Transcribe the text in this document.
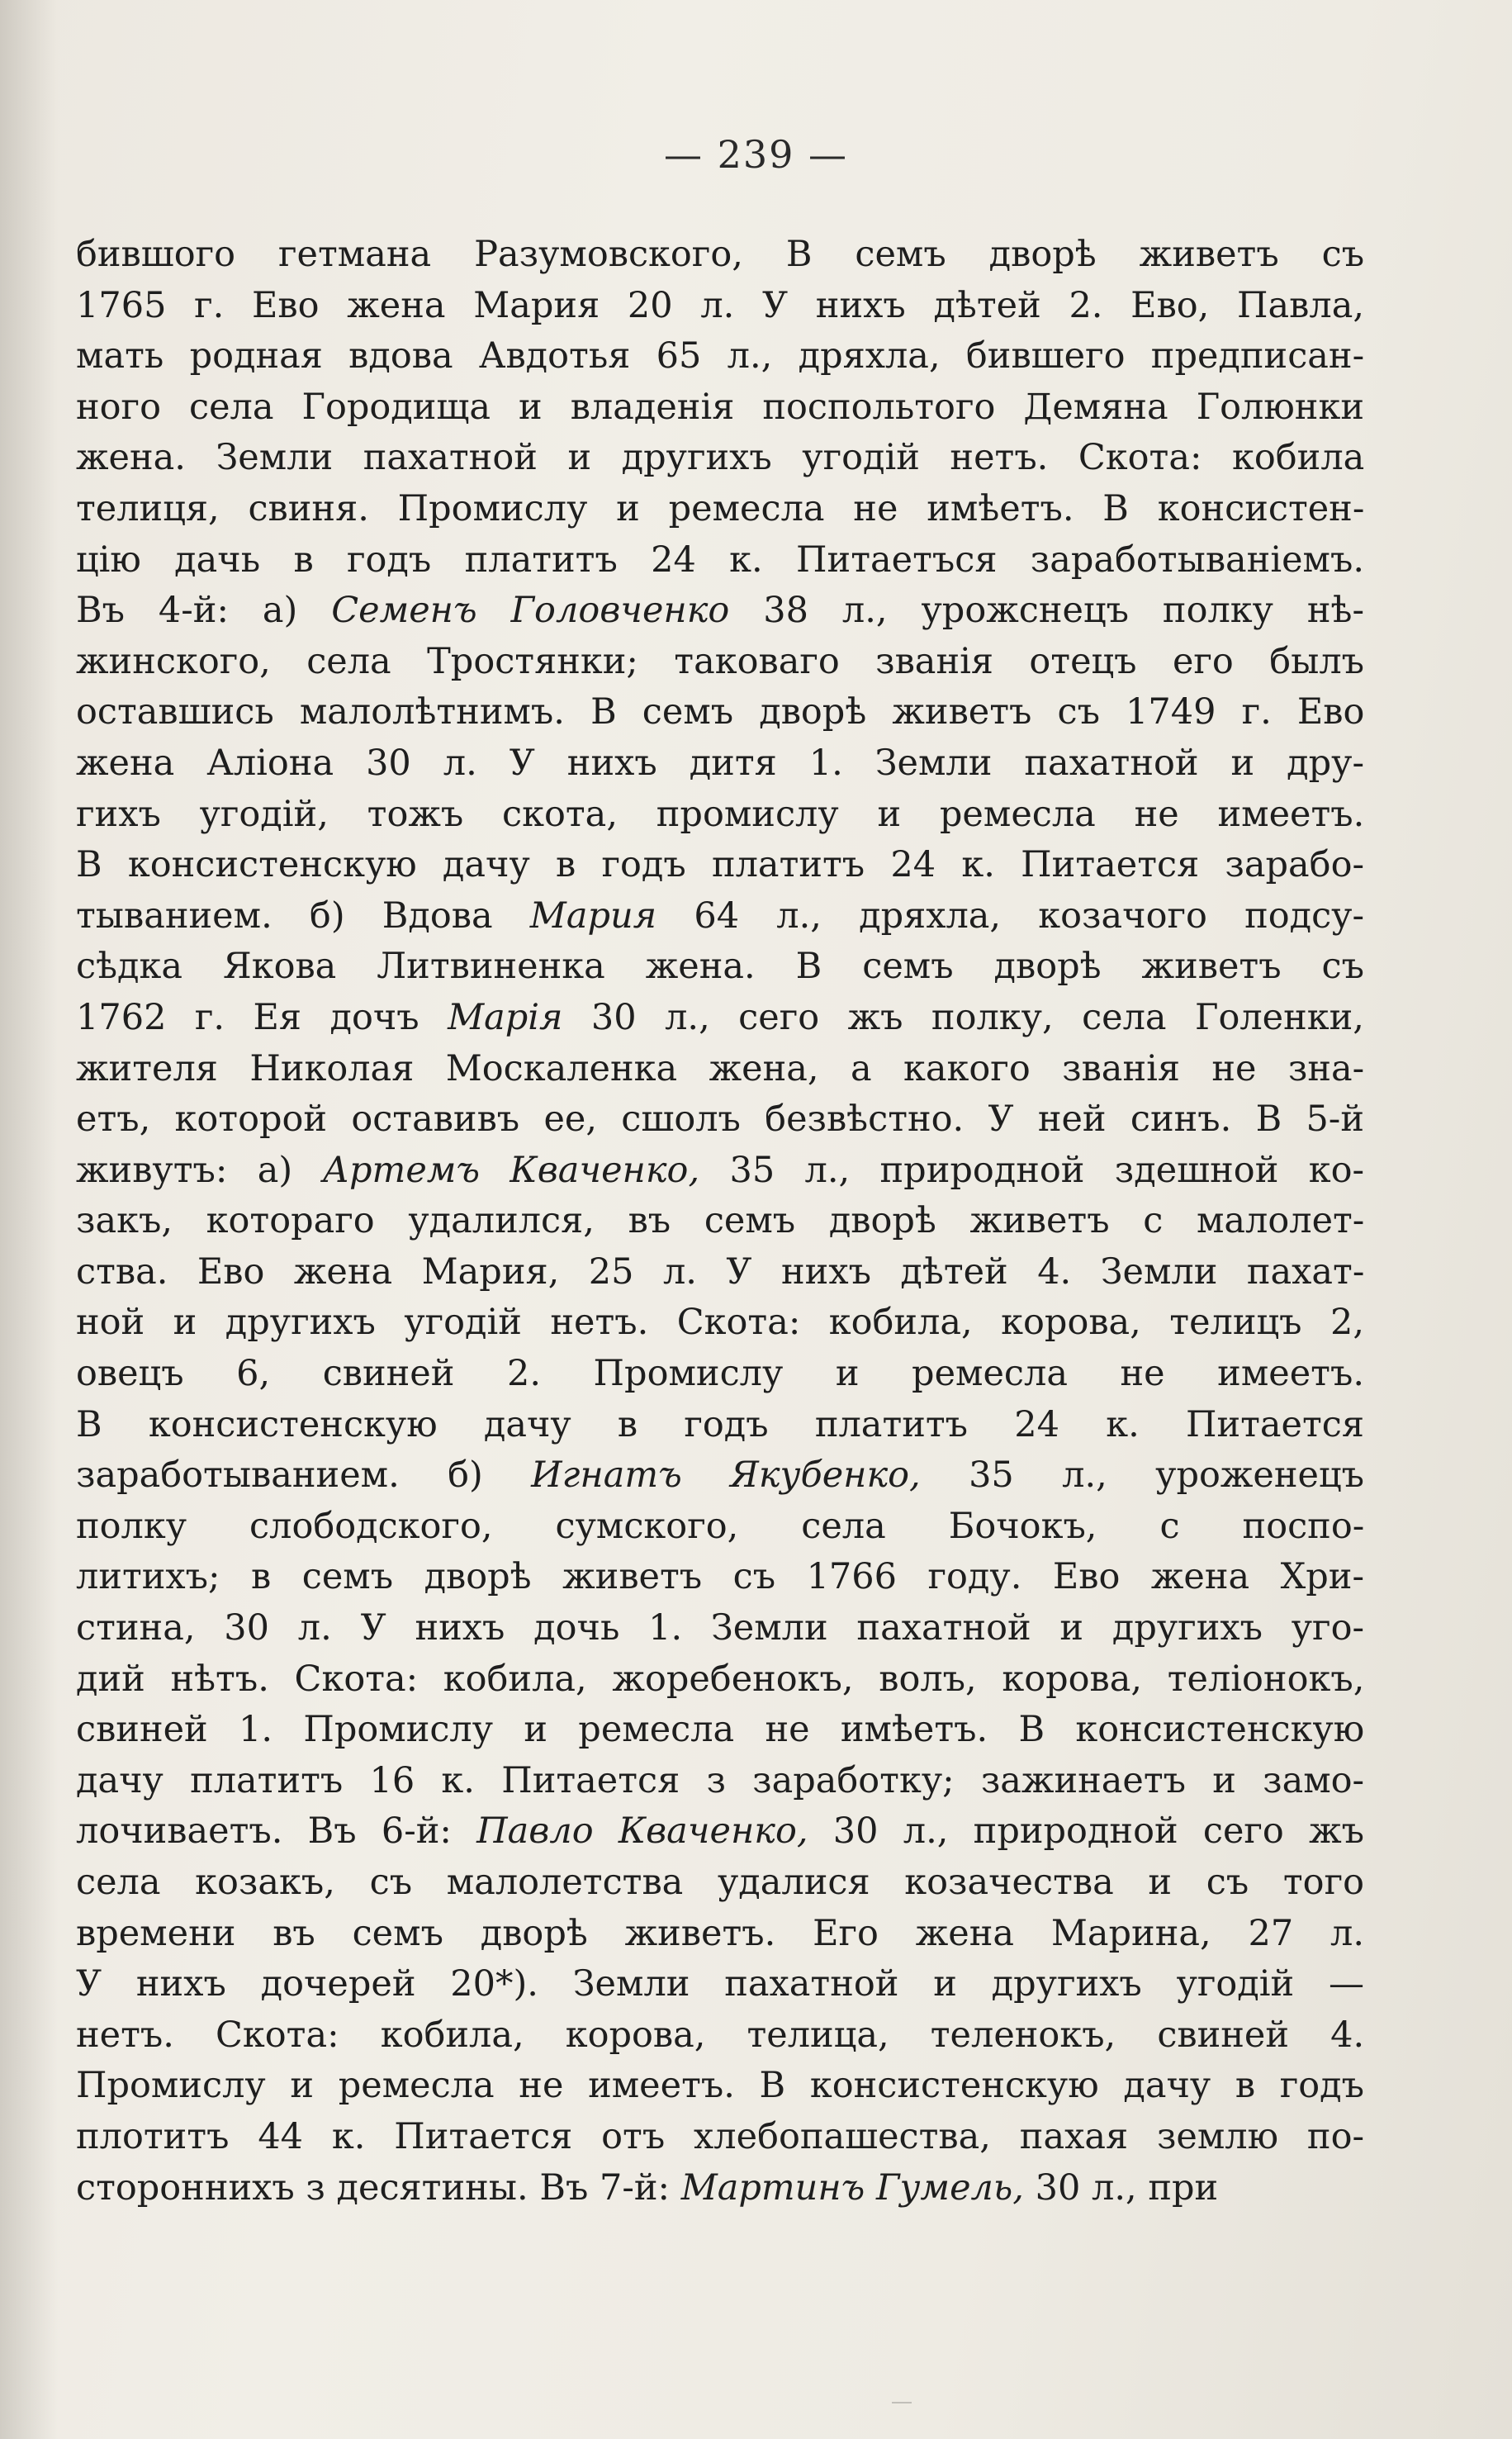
— 239 —
бившого гетмана Разумовского, В семъ дворѣ живетъ съ
1765 г. Ево жена Мария 20 л. У нихъ дѣтей 2. Ево, Павла,
мать родная вдова Авдотья 65 л., дряхла, бившего предписан-
ного села Городища и владенія поспольтого Демяна Голюнки
жена. Земли пахатной и другихъ угодій нетъ. Скота: кобила
телиця, свиня. Промислу и ремесла не имѣетъ. В консистен-
цію дачь в годъ платитъ 24 к. Питаетъся заработываніемъ.
Въ 4-й: а) Семенъ Головченко 38 л., урожснецъ полку нѣ-
жинского, села Тростянки; таковаго званія отецъ его былъ
оставшись малолѣтнимъ. В семъ дворѣ живетъ съ 1749 г. Ево
жена Аліона 30 л. У нихъ дитя 1. Земли пахатной и дру-
гихъ угодій, тожъ скота, промислу и ремесла не имеетъ.
В консистенскую дачу в годъ платитъ 24 к. Питается зарабо-
тыванием. б) Вдова Мария 64 л., дряхла, козачого подсу-
сѣдка Якова Литвиненка жена. В семъ дворѣ живетъ съ
1762 г. Ея дочъ Марія 30 л., сего жъ полку, села Голенки,
жителя Николая Москаленка жена, а какого званія не зна-
етъ, которой оставивъ ее, сшолъ безвѣстно. У ней синъ. В 5-й
живутъ: а) Артемъ Кваченко, 35 л., природной здешной ко-
закъ, котораго удалился, въ семъ дворѣ живетъ с малолет-
ства. Ево жена Мария, 25 л. У нихъ дѣтей 4. Земли пахат-
ной и другихъ угодій нетъ. Скота: кобила, корова, телицъ 2,
овецъ 6, свиней 2. Промислу и ремесла не имеетъ.
В консистенскую дачу в годъ платитъ 24 к. Питается
заработыванием. б) Игнатъ Якубенко, 35 л., уроженецъ
полку слободского, сумского, села Бочокъ, с поспо-
литихъ; в семъ дворѣ живетъ съ 1766 году. Ево жена Хри-
стина, 30 л. У нихъ дочь 1. Земли пахатной и другихъ уго-
дий нѣтъ. Скота: кобила, жоребенокъ, волъ, корова, теліонокъ,
свиней 1. Промислу и ремесла не имѣетъ. В консистенскую
дачу платитъ 16 к. Питается з заработку; зажинаетъ и замо-
лочиваетъ. Въ 6-й: Павло Кваченко, 30 л., природной сего жъ
села козакъ, съ малолетства удалися козачества и съ того
времени въ семъ дворѣ живетъ. Его жена Марина, 27 л.
У нихъ дочерей 20*). Земли пахатной и другихъ угодій —
нетъ. Скота: кобила, корова, телица, теленокъ, свиней 4.
Промислу и ремесла не имеетъ. В консистенскую дачу в годъ
плотитъ 44 к. Питается отъ хлебопашества, пахая землю по-
стороннихъ з десятины. Въ 7-й: Мартинъ Гумель, 30 л., при
